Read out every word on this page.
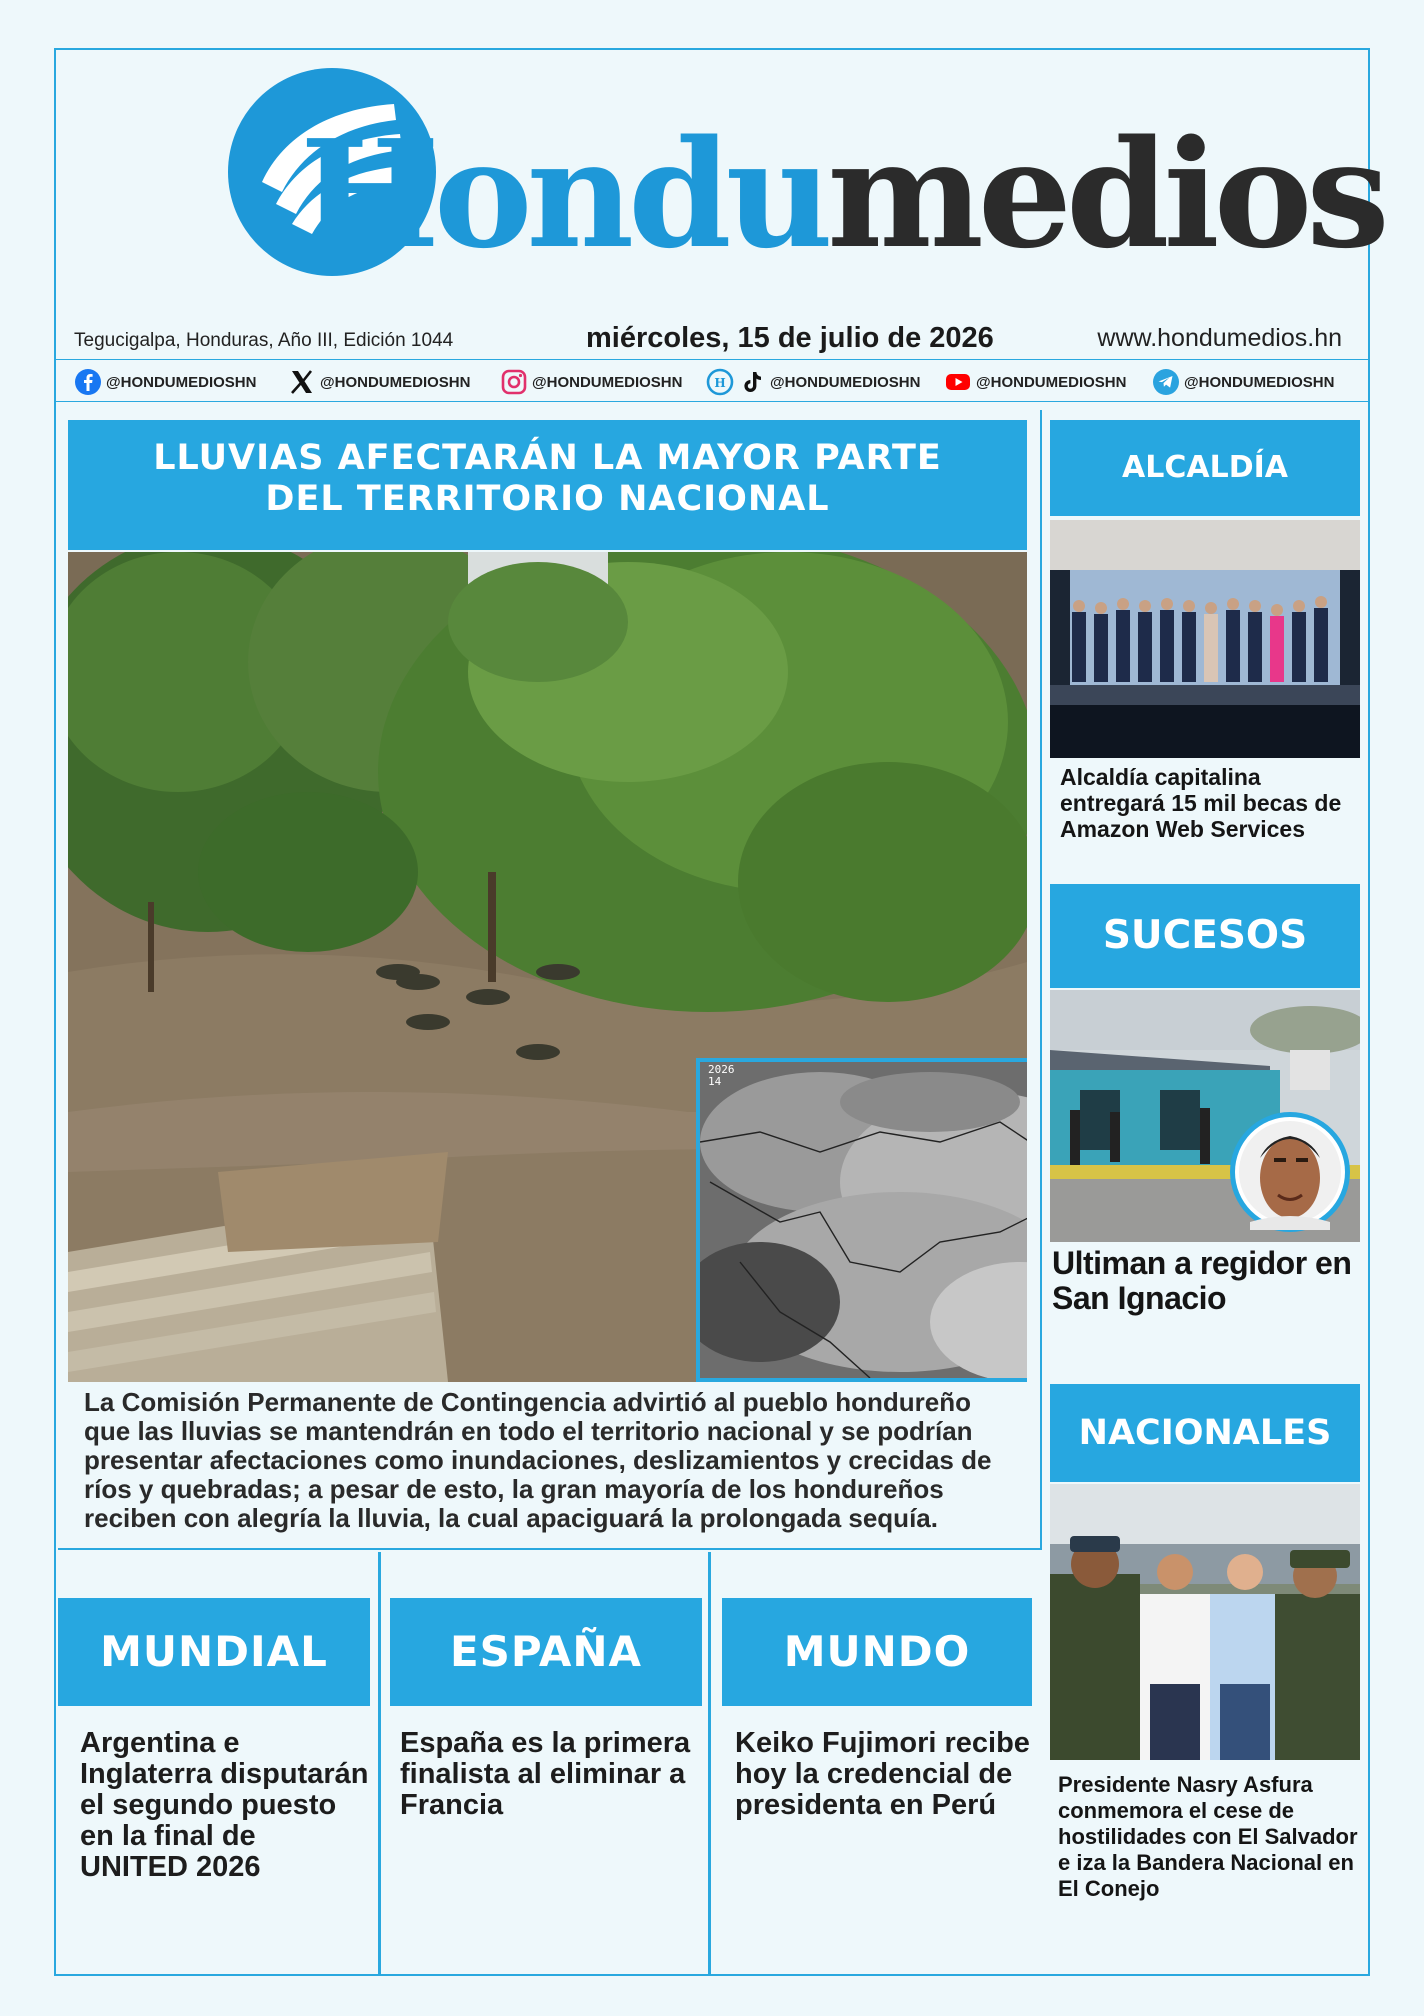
Hondumedios
Tegucigalpa, Honduras, Año III, Edición 1044	miércoles, 15 de julio de 2026	www.hondumedios.hn
@HONDUMEDIOSHN	@HONDUMEDIOSHN	@HONDUMEDIOSHN	H	@HONDUMEDIOSHN	@HONDUMEDIOSHN	@HONDUMEDIOSHN
LLUVIAS AFECTARÁN LA MAYOR PARTE
DEL TERRITORIO NACIONAL
2026
14
La Comisión Permanente de Contingencia advirtió al pueblo hondureño que las lluvias se mantendrán en todo el territorio nacional y se podrían presentar afectaciones como inundaciones, deslizamientos y crecidas de ríos y quebradas; a pesar de esto, la gran mayoría de los hondureños reciben con alegría la lluvia, la cual apaciguará la prolongada sequía.
ALCALDÍA
Alcaldía capitalina entregará 15 mil becas de Amazon Web Services
SUCESOS
Ultiman a regidor en San Ignacio
NACIONALES
Presidente Nasry Asfura conmemora el cese de hostilidades con El Salvador e iza la Bandera Nacional en El Conejo
MUNDIAL
Argentina e Inglaterra disputarán el segundo puesto en la final de UNITED 2026
ESPAÑA
España es la primera finalista al eliminar a Francia
MUNDO
Keiko Fujimori recibe hoy la credencial de presidenta en Perú
